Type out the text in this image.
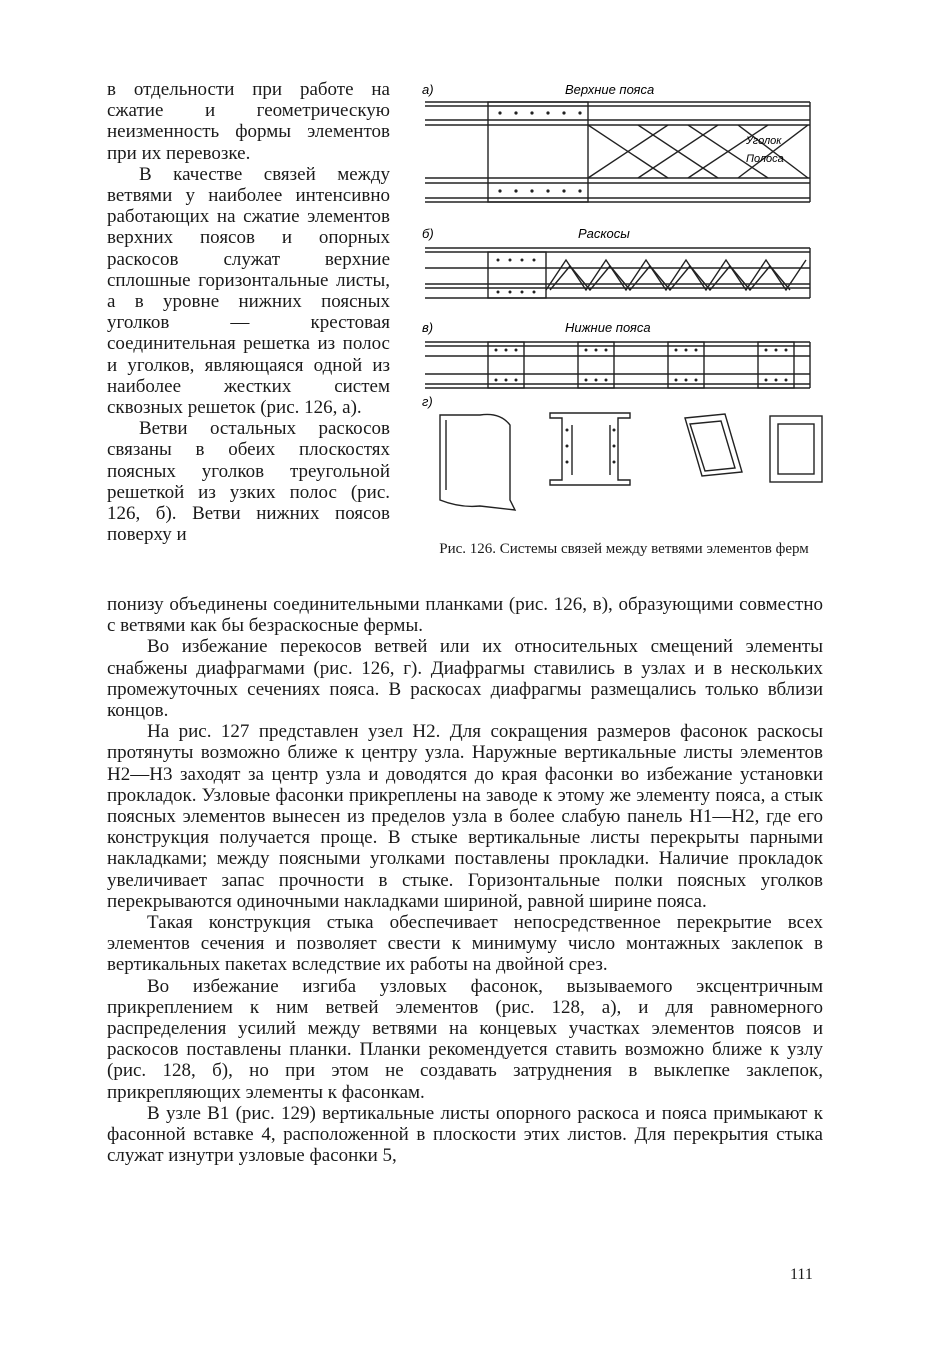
в отдельности при работе на сжатие и геометрическую неизменность формы элементов при их перевозке.

В качестве связей между ветвями у наиболее интенсивно работающих на сжатие элементов верхних поясов и опорных раскосов служат верхние сплошные горизонтальные листы, а в уровне нижних поясных уголков — крестовая соединительная решетка из полос и уголков, являющаяся одной из наиболее жестких систем сквозных решеток (рис. 126, а).

Ветви остальных раскосов связаны в обеих плоскостях поясных уголков треугольной решеткой из узких полос (рис. 126, б). Ветви нижних поясов поверху и

а)	Верхние пояса
Уголок
Полоса
б)	Раскосы
в)	Нижние пояса
г)
Рис. 126. Системы связей между ветвями элементов ферм

понизу объединены соединительными планками (рис. 126, в), образующими совместно с ветвями как бы безраскосные фермы.

Во избежание перекосов ветвей или их относительных смещений элементы снабжены диафрагмами (рис. 126, г). Диафрагмы ставились в узлах и в нескольких промежуточных сечениях пояса. В раскосах диафрагмы размещались только вблизи концов.

На рис. 127 представлен узел Н2. Для сокращения размеров фасонок раскосы протянуты возможно ближе к центру узла. Наружные вертикальные листы элементов Н2—Н3 заходят за центр узла и доводятся до края фасонки во избежание установки прокладок. Узловые фасонки прикреплены на заводе к этому же элементу пояса, а стык поясных элементов вынесен из пределов узла в более слабую панель Н1—Н2, где его конструкция получается проще. В стыке вертикальные листы перекрыты парными накладками; между поясными уголками поставлены прокладки. Наличие прокладок увеличивает запас прочности в стыке. Горизонтальные полки поясных уголков перекрываются одиночными накладками шириной, равной ширине пояса.

Такая конструкция стыка обеспечивает непосредственное перекрытие всех элементов сечения и позволяет свести к минимуму число монтажных заклепок в вертикальных пакетах вследствие их работы на двойной срез.

Во избежание изгиба узловых фасонок, вызываемого эксцентричным прикреплением к ним ветвей элементов (рис. 128, а), и для равномерного распределения усилий между ветвями на концевых участках элементов поясов и раскосов поставлены планки. Планки рекомендуется ставить возможно ближе к узлу (рис. 128, б), но при этом не создавать затруднения в выклепке заклепок, прикрепляющих элементы к фасонкам.

В узле В1 (рис. 129) вертикальные листы опорного раскоса и пояса примыкают к фасонной вставке 4, расположенной в плоскости этих листов. Для перекрытия стыка служат изнутри узловые фасонки 5,

111
